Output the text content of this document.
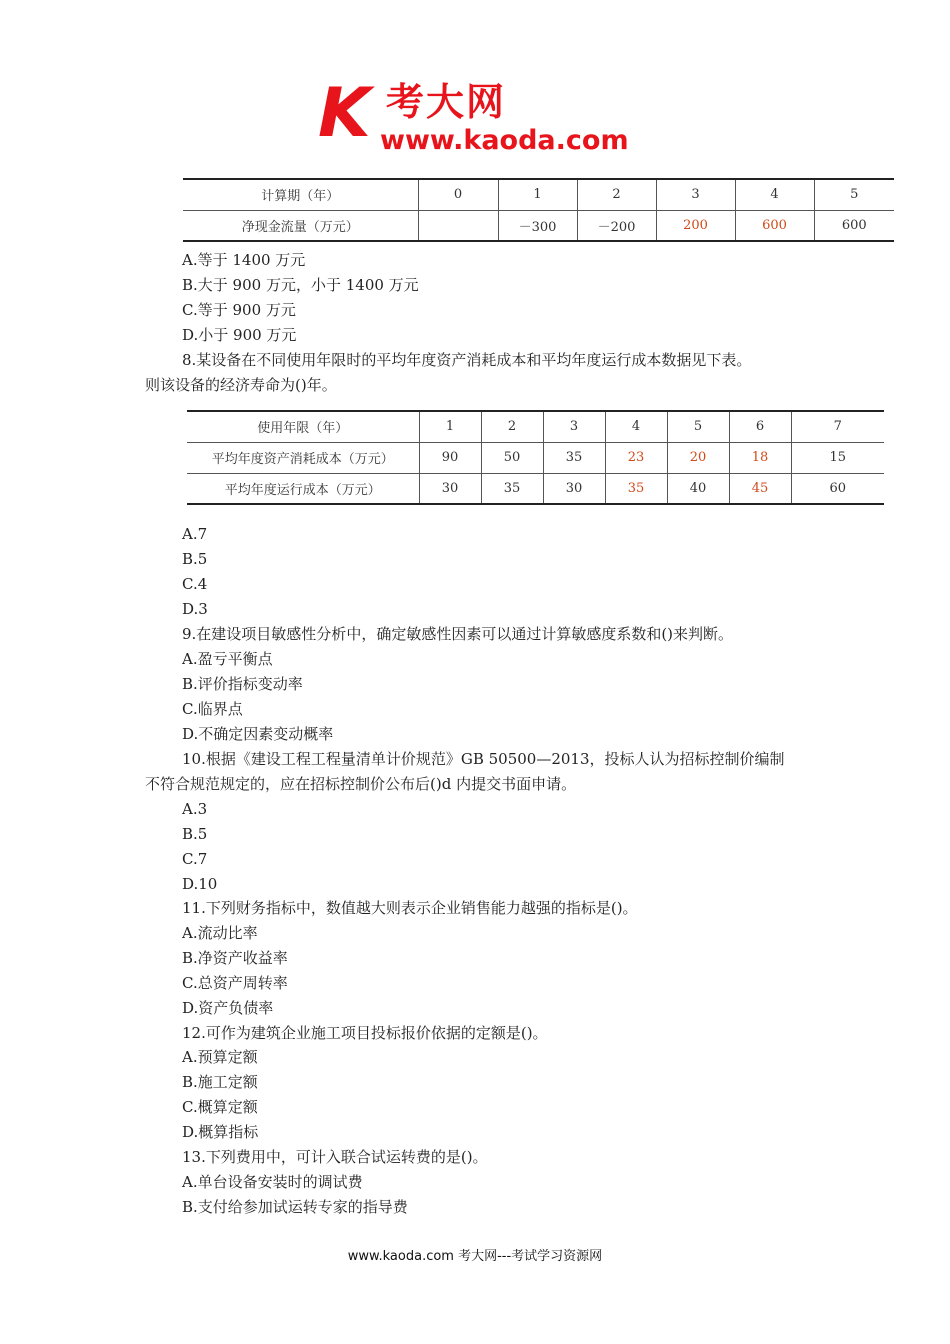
K 考大网
www.kaoda.com
计算期（年）	0	1	2	3	4	5
净现金流量（万元）		－300	－200	200	600	600
A.等于 1400 万元
B.大于 900 万元，小于 1400 万元
C.等于 900 万元
D.小于 900 万元
8.某设备在不同使用年限时的平均年度资产消耗成本和平均年度运行成本数据见下表。
则该设备的经济寿命为()年。
使用年限（年）	1	2	3	4	5	6	7
平均年度资产消耗成本（万元）	90	50	35	23	20	18	15
平均年度运行成本（万元）	30	35	30	35	40	45	60
A.7
B.5
C.4
D.3
9.在建设项目敏感性分析中，确定敏感性因素可以通过计算敏感度系数和()来判断。
A.盈亏平衡点
B.评价指标变动率
C.临界点
D.不确定因素变动概率
10.根据《建设工程工程量清单计价规范》GB 50500—2013，投标人认为招标控制价编制
不符合规范规定的，应在招标控制价公布后()d 内提交书面申请。
A.3
B.5
C.7
D.10
11.下列财务指标中，数值越大则表示企业销售能力越强的指标是()。
A.流动比率
B.净资产收益率
C.总资产周转率
D.资产负债率
12.可作为建筑企业施工项目投标报价依据的定额是()。
A.预算定额
B.施工定额
C.概算定额
D.概算指标
13.下列费用中，可计入联合试运转费的是()。
A.单台设备安装时的调试费
B.支付给参加试运转专家的指导费
www.kaoda.com 考大网---考试学习资源网
